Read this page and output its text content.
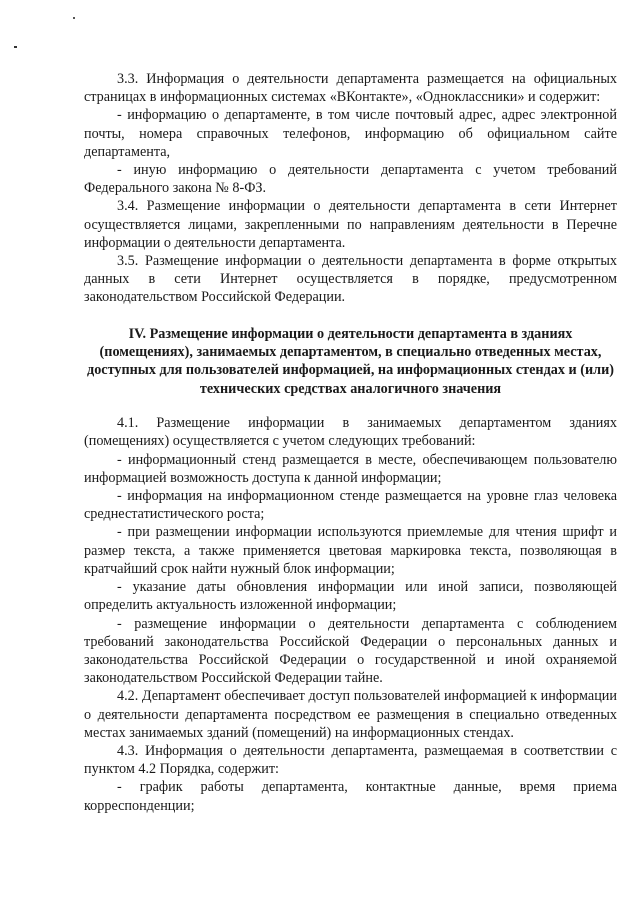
3.3. Информация о деятельности департамента размещается на официальных страницах в информационных системах «ВКонтакте», «Одноклассники» и содержит:

- информацию о департаменте, в том числе почтовый адрес, адрес электронной почты, номера справочных телефонов, информацию об официальном сайте департамента,

- иную информацию о деятельности департамента с учетом требований Федерального закона № 8-ФЗ.

3.4. Размещение информации о деятельности департамента в сети Интернет осуществляется лицами, закрепленными по направлениям деятельности в Перечне информации о деятельности департамента.

3.5. Размещение информации о деятельности департамента в форме открытых данных в сети Интернет осуществляется в порядке, предусмотренном законодательством Российской Федерации.

IV. Размещение информации о деятельности департамента в зданиях (помещениях), занимаемых департаментом, в специально отведенных местах, доступных для пользователей информацией, на информационных стендах и (или) технических средствах аналогичного значения

4.1. Размещение информации в занимаемых департаментом зданиях (помещениях) осуществляется с учетом следующих требований:

- информационный стенд размещается в месте, обеспечивающем пользователю информацией возможность доступа к данной информации;

- информация на информационном стенде размещается на уровне глаз человека среднестатистического роста;

- при размещении информации используются приемлемые для чтения шрифт и размер текста, а также применяется цветовая маркировка текста, позволяющая в кратчайший срок найти нужный блок информации;

- указание даты обновления информации или иной записи, позволяющей определить актуальность изложенной информации;

- размещение информации о деятельности департамента с соблюдением требований законодательства Российской Федерации о персональных данных и законодательства Российской Федерации о государственной и иной охраняемой законодательством Российской Федерации тайне.

4.2. Департамент обеспечивает доступ пользователей информацией к информации о деятельности департамента посредством ее размещения в специально отведенных местах занимаемых зданий (помещений) на информационных стендах.

4.3. Информация о деятельности департамента, размещаемая в соответствии с пунктом 4.2 Порядка, содержит:

- график работы департамента, контактные данные, время приема корреспонденции;
